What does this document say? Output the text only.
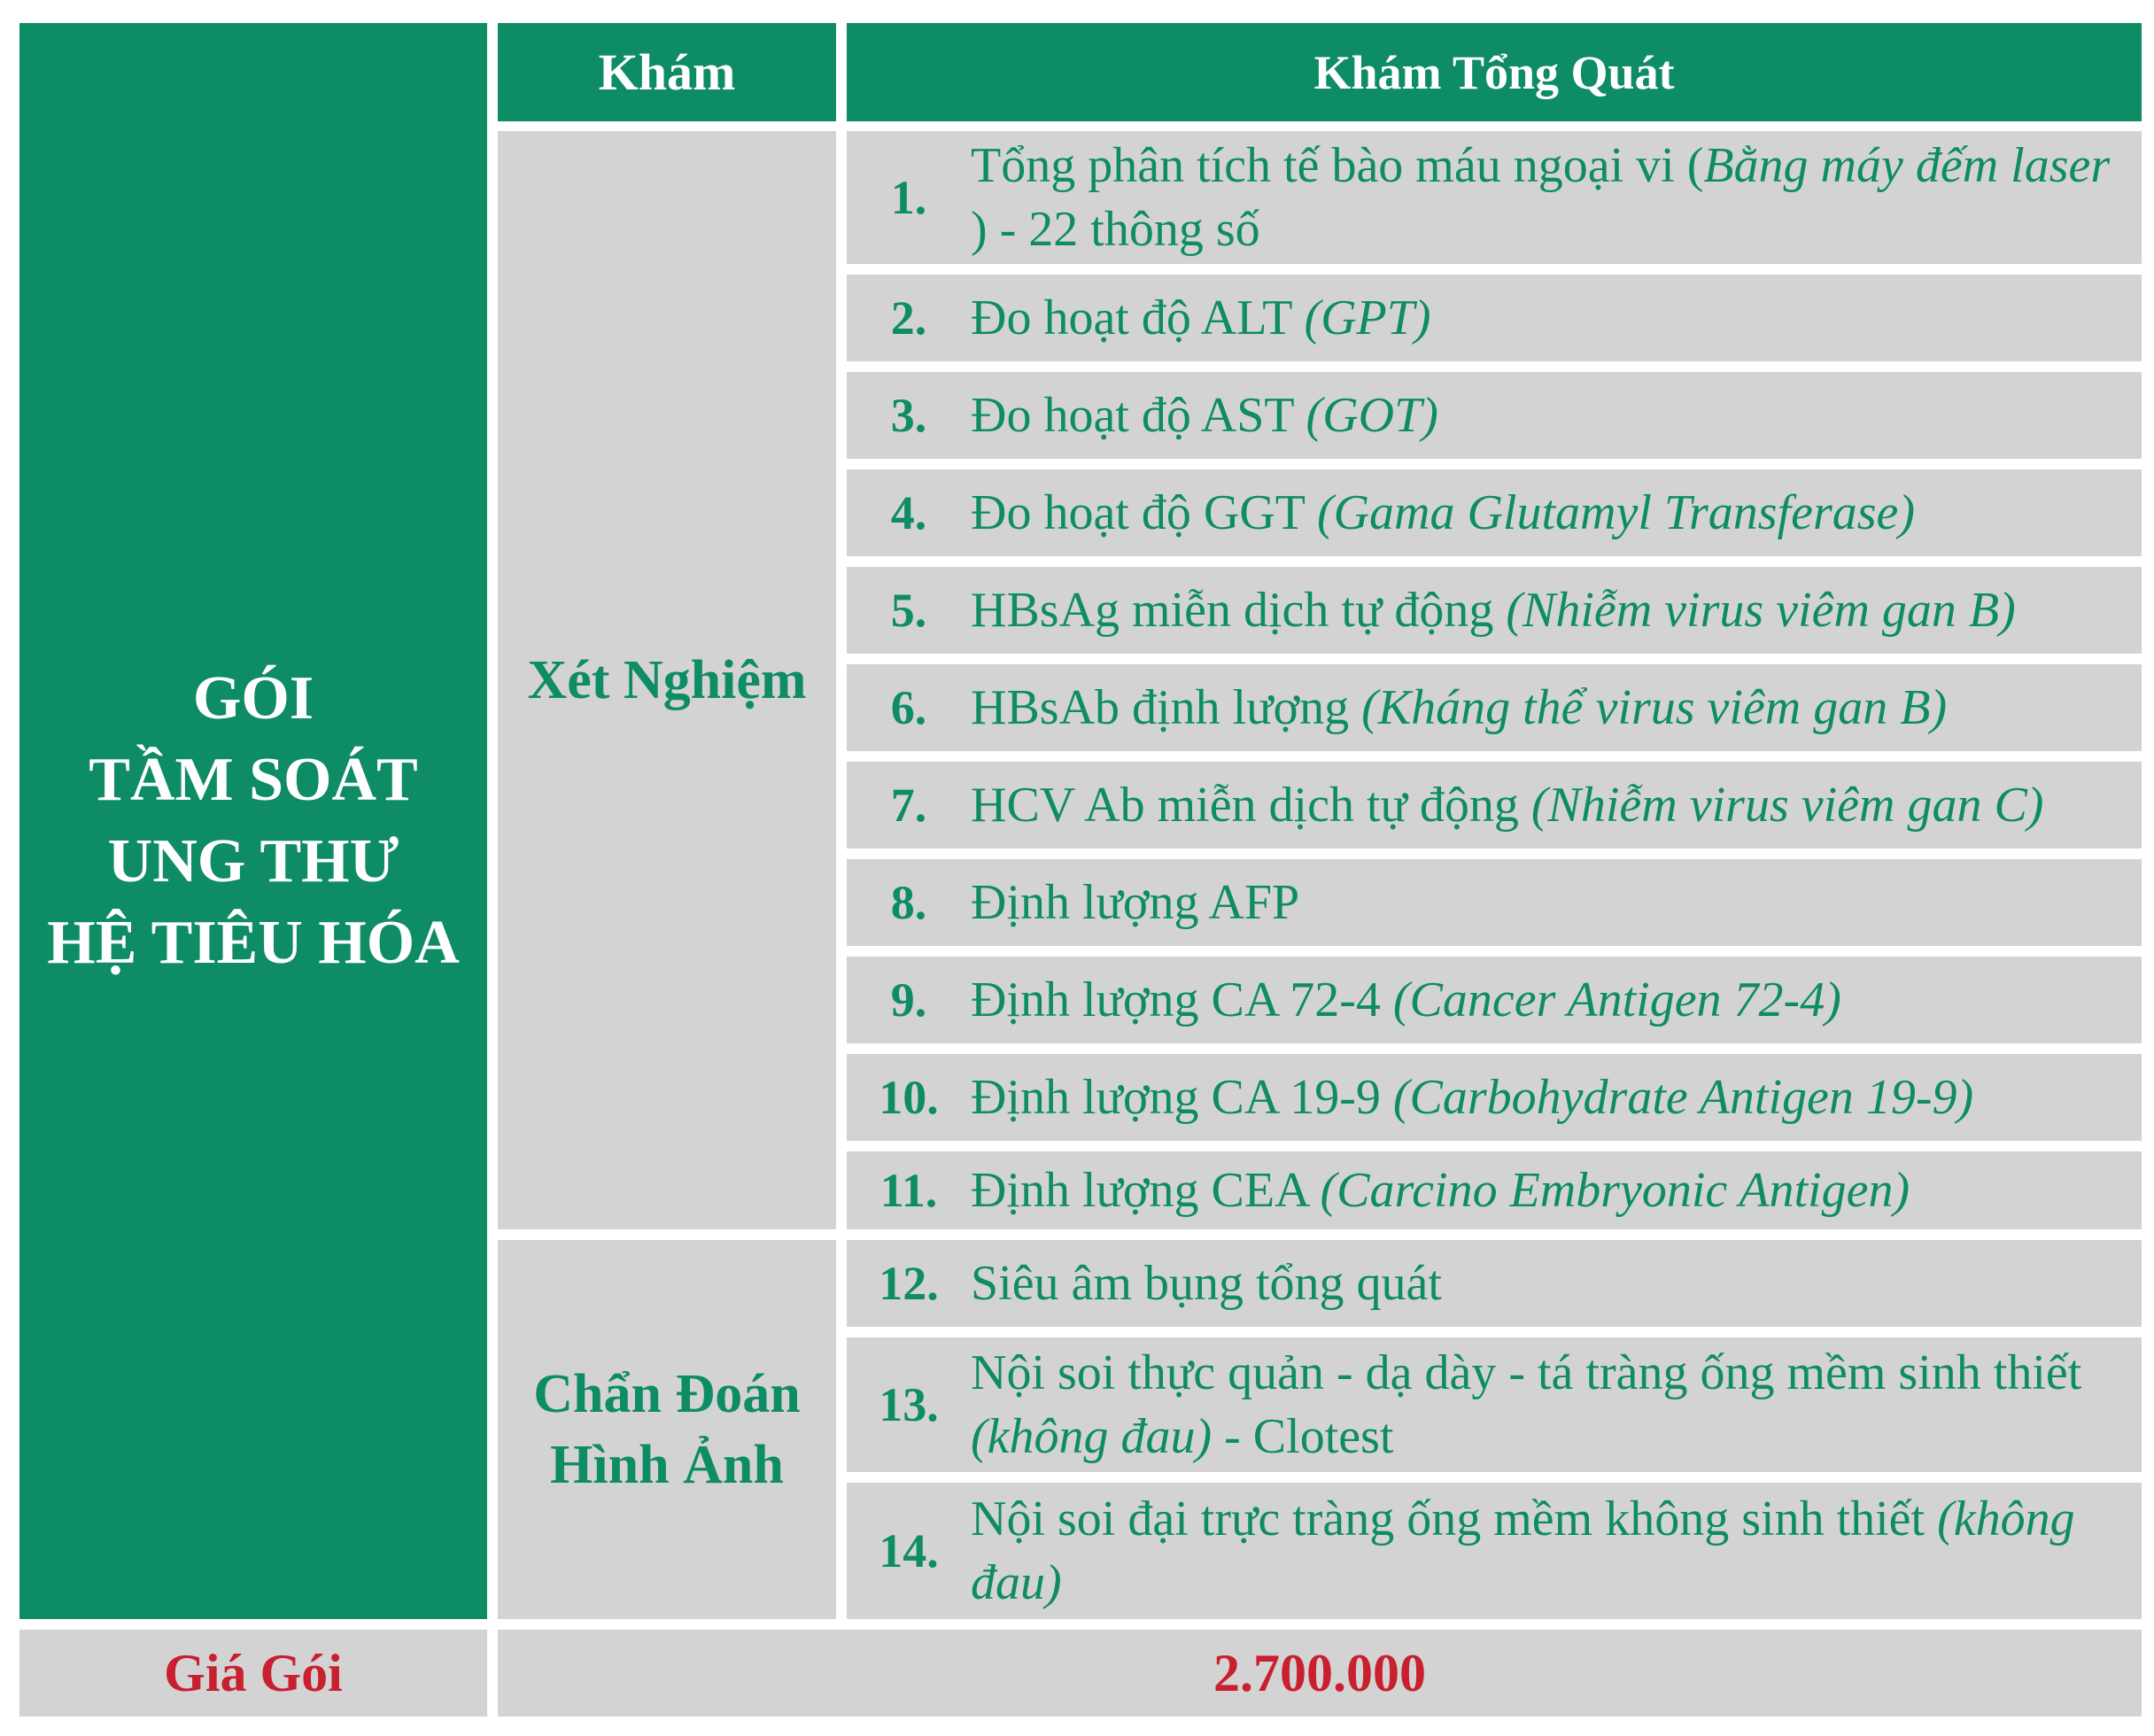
GÓI
TẦM SOÁT
UNG THƯ
HỆ TIÊU HÓA
Khám	Khám Tổng Quát
Xét Nghiệm
Chẩn Đoán
Hình Ảnh
1.
Tổng phân tích tế bào máu ngoại vi (Bằng máy đếm laser ) - 22 thông số
2. Đo hoạt độ ALT (GPT)
3. Đo hoạt độ AST (GOT)
4. Đo hoạt độ GGT (Gama Glutamyl Transferase)
5. HBsAg miễn dịch tự động (Nhiễm virus viêm gan B)
6. HBsAb định lượng (Kháng thể virus viêm gan B)
7. HCV Ab miễn dịch tự động (Nhiễm virus viêm gan C)
8. Định lượng AFP
9. Định lượng CA 72-4 (Cancer Antigen 72-4)
10. Định lượng CA 19-9 (Carbohydrate Antigen 19-9)
11. Định lượng CEA (Carcino Embryonic Antigen)
12. Siêu âm bụng tổng quát
13.
Nội soi thực quản - dạ dày - tá tràng ống mềm sinh thiết (không đau) - Clotest
14.
Nội soi đại trực tràng ống mềm không sinh thiết (không đau)
Giá Gói	2.700.000
